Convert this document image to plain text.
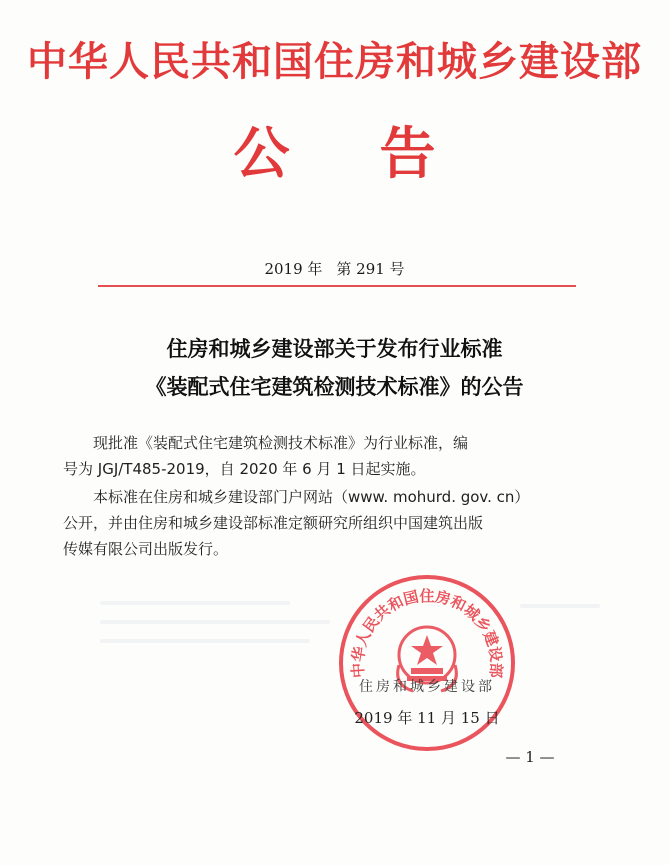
中华人民共和国住房和城乡建设部
公告
2019 年 第 291 号
住房和城乡建设部关于发布行业标准
《装配式住宅建筑检测技术标准》的公告
现批准《装配式住宅建筑检测技术标准》为行业标准，编
号为 JGJ/T485-2019，自 2020 年 6 月 1 日起实施。
本标准在住房和城乡建设部门户网站（www. mohurd. gov. cn）
公开，并由住房和城乡建设部标准定额研究所组织中国建筑出版
传媒有限公司出版发行。
中华人民共和国住房和城乡建设部
住房和城乡建设部
2019 年 11 月 15 日
— 1 —
